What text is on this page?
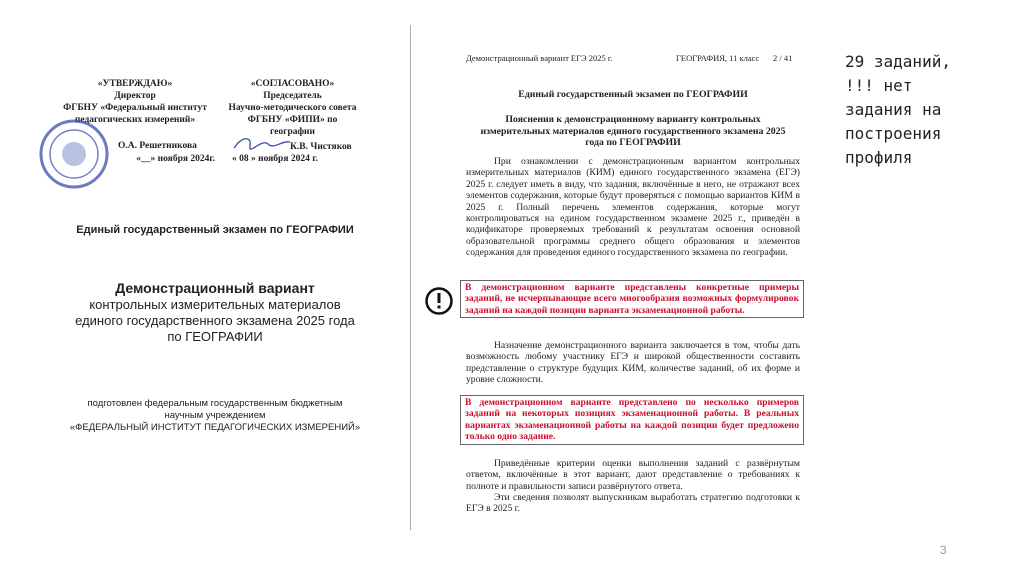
«УТВЕРЖДАЮ»
Директор
ФГБНУ «Федеральный институт
педагогических измерений»
О.А. Решетникова
«__» ноября 2024г.
«СОГЛАСОВАНО»
Председатель
Научно-методического совета
ФГБНУ «ФИПИ» по географии
К.В. Чистяков
« 08 » ноября 2024 г.
Единый государственный экзамен по ГЕОГРАФИИ
Демонстрационный вариант
контрольных измерительных материалов
единого государственного экзамена 2025 года
по ГЕОГРАФИИ
подготовлен федеральным государственным бюджетным
научным учреждением
«ФЕДЕРАЛЬНЫЙ ИНСТИТУТ ПЕДАГОГИЧЕСКИХ ИЗМЕРЕНИЙ»
Демонстрационный вариант ЕГЭ 2025 г.	ГЕОГРАФИЯ, 11 класс 2 / 41
Единый государственный экзамен по ГЕОГРАФИИ
Пояснения к демонстрационному варианту контрольных измерительных материалов единого государственного экзамена 2025 года по ГЕОГРАФИИ
При ознакомлении с демонстрационным вариантом контрольных измерительных материалов (КИМ) единого государственного экзамена (ЕГЭ) 2025 г. следует иметь в виду, что задания, включённые в него, не отражают всех элементов содержания, которые будут проверяться с помощью вариантов КИМ в 2025 г. Полный перечень элементов содержания, которые могут контролироваться на едином государственном экзамене 2025 г., приведён в кодификаторе проверяемых требований к результатам освоения основной образовательной программы среднего общего образования и элементов содержания для проведения единого государственного экзамена по географии.
В демонстрационном варианте представлены конкретные примеры заданий, не исчерпывающие всего многообразия возможных формулировок заданий на каждой позиции варианта экзаменационной работы.
Назначение демонстрационного варианта заключается в том, чтобы дать возможность любому участнику ЕГЭ и широкой общественности составить представление о структуре будущих КИМ, количестве заданий, об их форме и уровне сложности.
В демонстрационном варианте представлено по несколько примеров заданий на некоторых позициях экзаменационной работы. В реальных вариантах экзаменационной работы на каждой позиции будет предложено только одно задание.
Приведённые критерии оценки выполнения заданий с развёрнутым ответом, включённые в этот вариант, дают представление о требованиях к полноте и правильности записи развёрнутого ответа.
Эти сведения позволят выпускникам выработать стратегию подготовки к ЕГЭ в 2025 г.
29 заданий,
!!! нет
задания на
построения
профиля
3
